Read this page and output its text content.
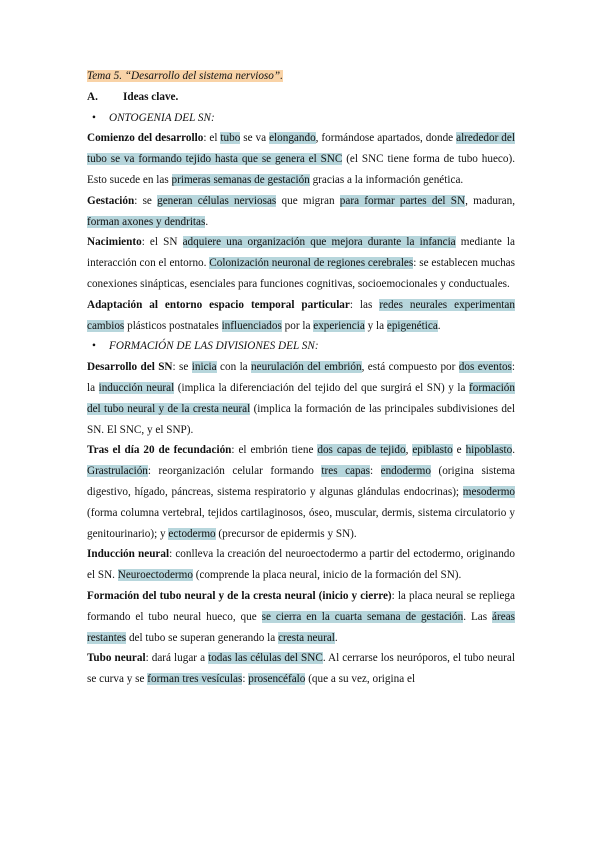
Tema 5. “Desarrollo del sistema nervioso”.

A. Ideas clave.

• ONTOGENIA DEL SN:

Comienzo del desarrollo: el tubo se va elongando, formándose apartados, donde alrededor del tubo se va formando tejido hasta que se genera el SNC (el SNC tiene forma de tubo hueco). Esto sucede en las primeras semanas de gestación gracias a la información genética.

Gestación: se generan células nerviosas que migran para formar partes del SN, maduran, forman axones y dendritas.

Nacimiento: el SN adquiere una organización que mejora durante la infancia mediante la interacción con el entorno. Colonización neuronal de regiones cerebrales: se establecen muchas conexiones sinápticas, esenciales para funciones cognitivas, socioemocionales y conductuales.

Adaptación al entorno espacio temporal particular: las redes neurales experimentan cambios plásticos postnatales influenciados por la experiencia y la epigenética.

• FORMACIÓN DE LAS DIVISIONES DEL SN:

Desarrollo del SN: se inicia con la neurulación del embrión, está compuesto por dos eventos: la inducción neural (implica la diferenciación del tejido del que surgirá el SN) y la formación del tubo neural y de la cresta neural (implica la formación de las principales subdivisiones del SN. El SNC, y el SNP).

Tras el día 20 de fecundación: el embrión tiene dos capas de tejido, epiblasto e hipoblasto. Grastrulación: reorganización celular formando tres capas: endodermo (origina sistema digestivo, hígado, páncreas, sistema respiratorio y algunas glándulas endocrinas); mesodermo (forma columna vertebral, tejidos cartilaginosos, óseo, muscular, dermis, sistema circulatorio y genitourinario); y ectodermo (precursor de epidermis y SN).

Inducción neural: conlleva la creación del neuroectodermo a partir del ectodermo, originando el SN. Neuroectodermo (comprende la placa neural, inicio de la formación del SN).

Formación del tubo neural y de la cresta neural (inicio y cierre): la placa neural se repliega formando el tubo neural hueco, que se cierra en la cuarta semana de gestación. Las áreas restantes del tubo se superan generando la cresta neural.

Tubo neural: dará lugar a todas las células del SNC. Al cerrarse los neuróporos, el tubo neural se curva y se forman tres vesículas: prosencéfalo (que a su vez, origina el
